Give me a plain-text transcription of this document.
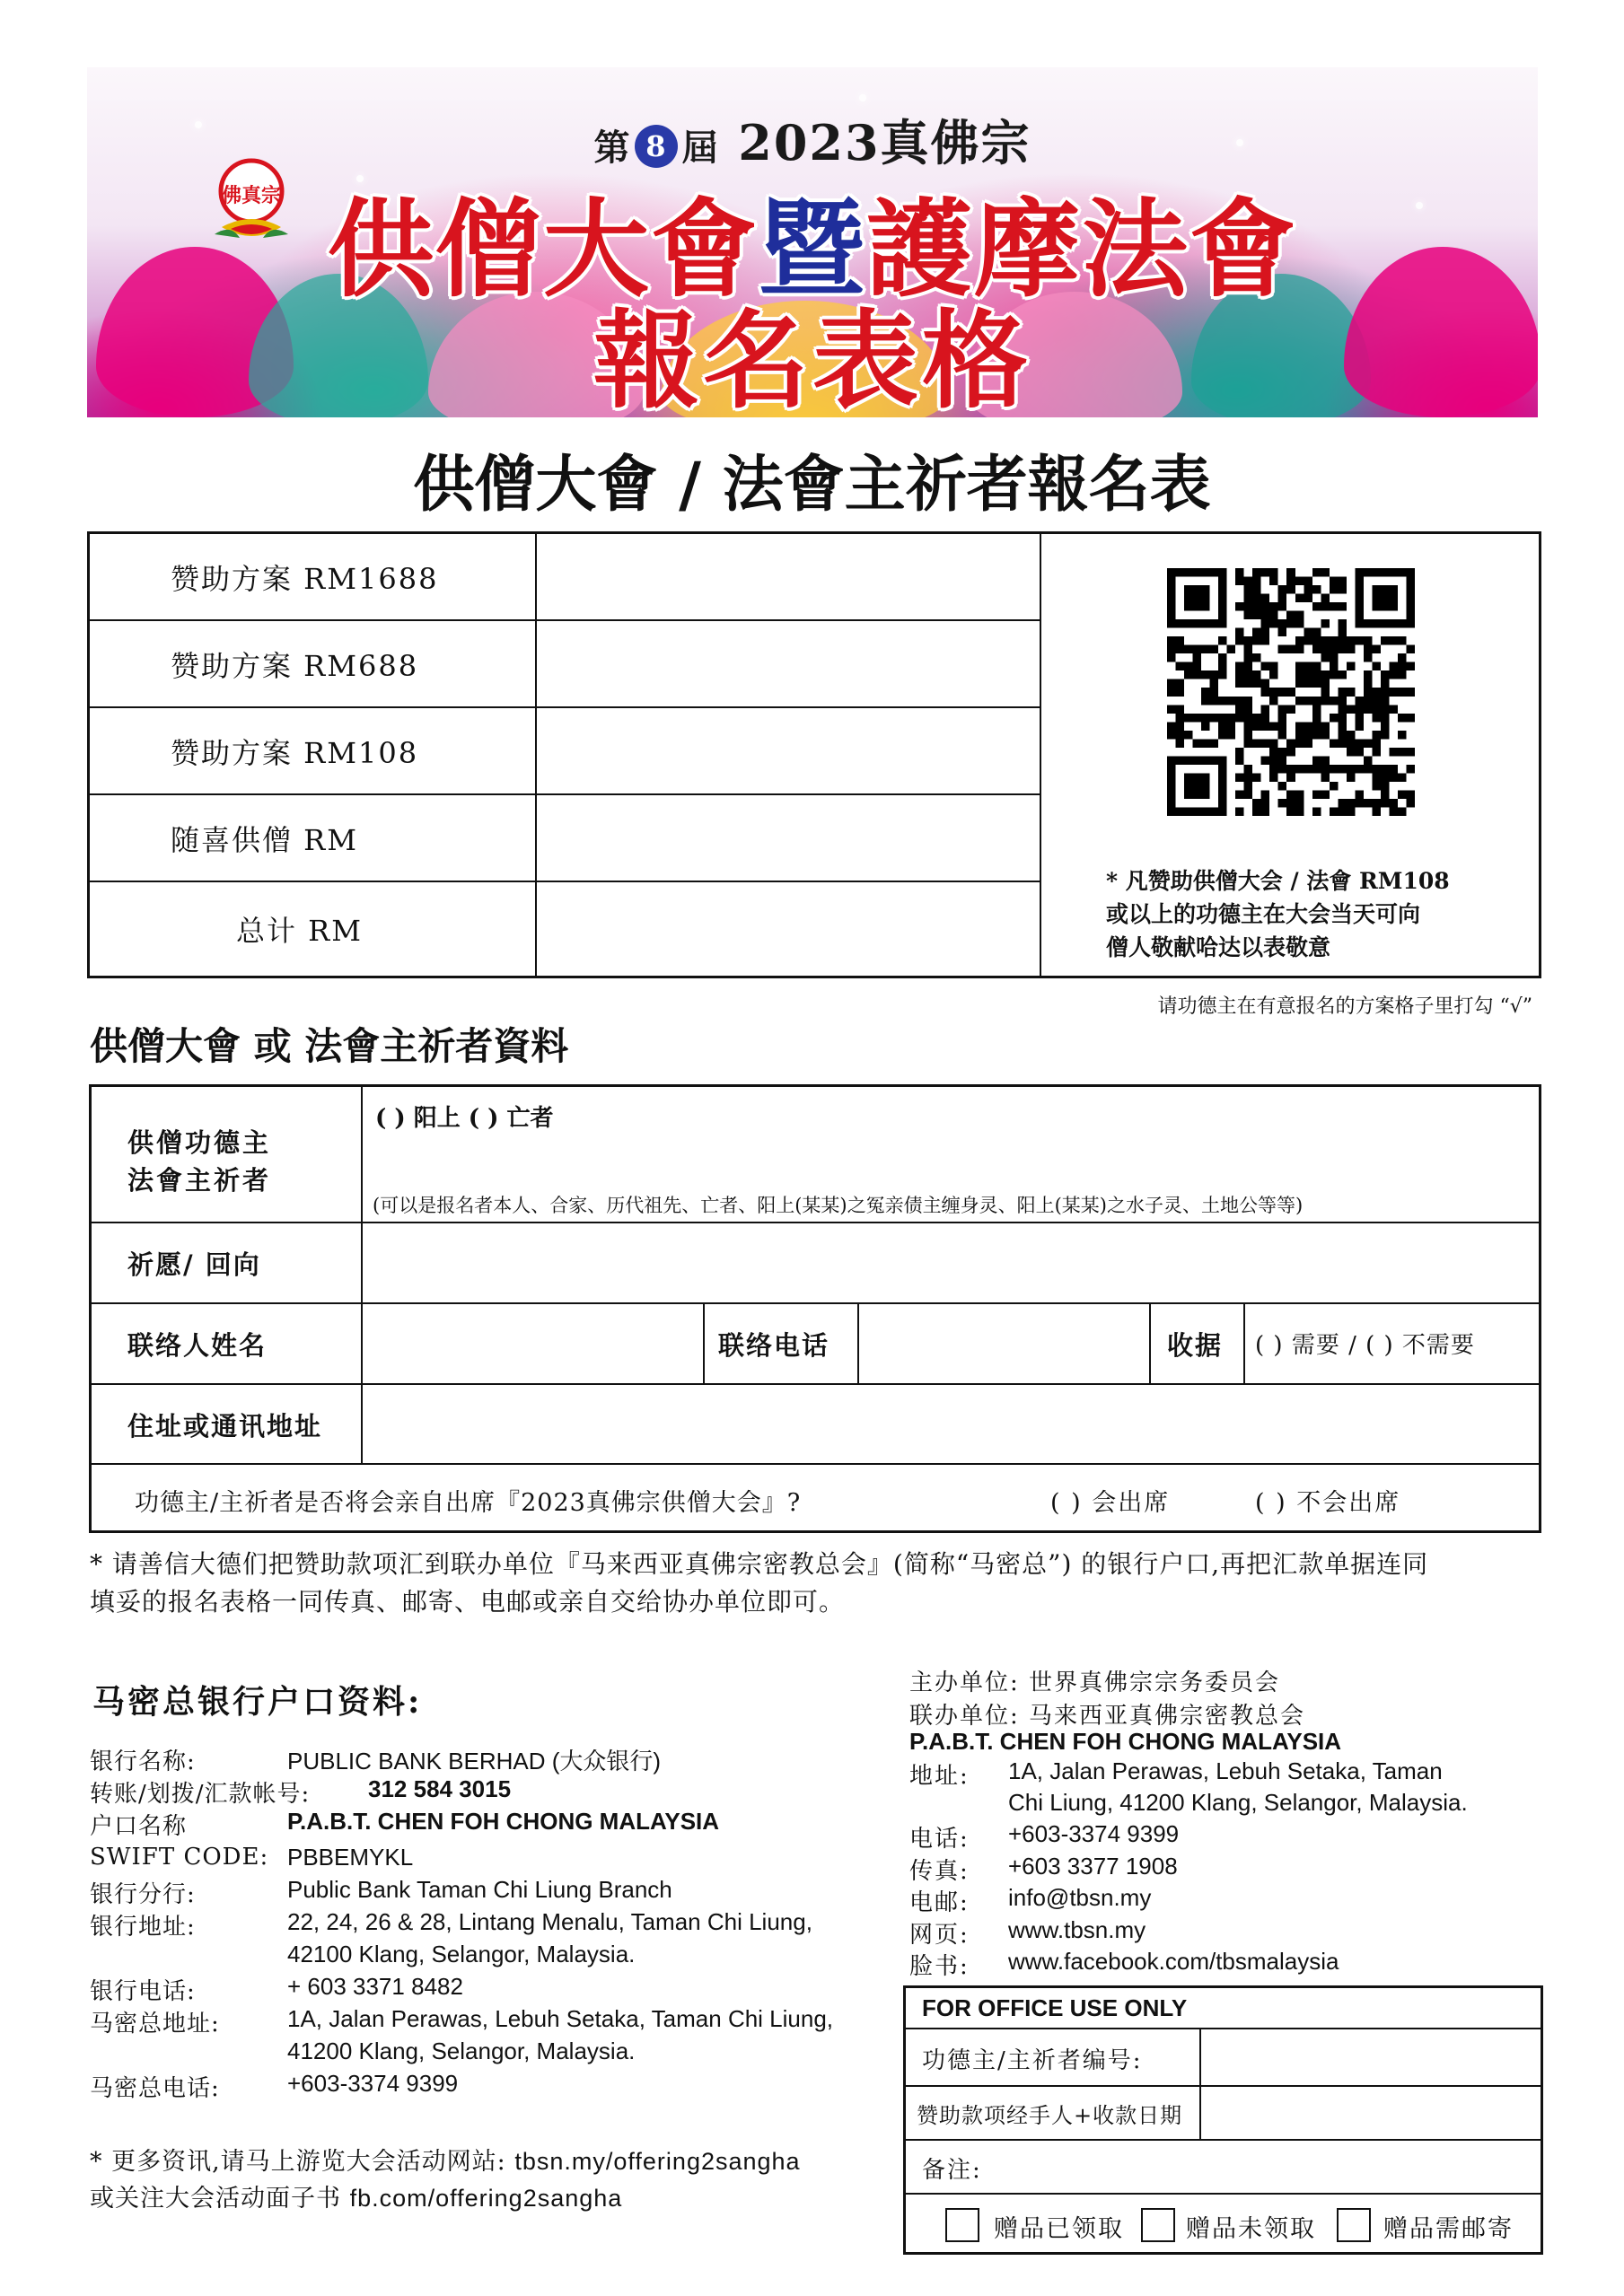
佛真宗
第 8 屆 2023真佛宗
供僧大會暨護摩法會
報名表格
供僧大會 / 法會主祈者報名表
赞助方案 RM1688
赞助方案 RM688
赞助方案 RM108
随喜供僧 RM
总计 RM
* 凡赞助供僧大会 / 法會 RM108
或以上的功德主在大会当天可向
僧人敬献哈达以表敬意
请功德主在有意报名的方案格子里打勾 “√”
供僧大會 或 法會主祈者資料
供僧功德主
法會主祈者
( ) 阳上 ( ) 亡者
(可以是报名者本人、合家、历代祖先、亡者、阳上(某某)之冤亲债主缠身灵、阳上(某某)之水子灵、土地公等等)
祈愿/ 回向
联络人姓名	联络电话	收据 ( ) 需要 / ( ) 不需要
住址或通讯地址
功德主/主祈者是否将会亲自出席『2023真佛宗供僧大会』?	( ) 会出席	( ) 不会出席
* 请善信大德们把赞助款项汇到联办单位『马来西亚真佛宗密教总会』(简称“马密总”) 的银行户口,再把汇款单据连同
填妥的报名表格一同传真、邮寄、电邮或亲自交给协办单位即可。
马密总银行户口资料:
银行名称:	PUBLIC BANK BERHAD (大众银行)
转账/划拨/汇款帐号: 312 584 3015
户口名称	P.A.B.T. CHEN FOH CHONG MALAYSIA
SWIFT CODE: PBBEMYKL
银行分行:	Public Bank Taman Chi Liung Branch
银行地址:	22, 24, 26 & 28, Lintang Menalu, Taman Chi Liung,
42100 Klang, Selangor, Malaysia.
银行电话:	+ 603 3371 8482
马密总地址:	1A, Jalan Perawas, Lebuh Setaka, Taman Chi Liung,
41200 Klang, Selangor, Malaysia.
马密总电话:	+603-3374 9399
* 更多资讯,请马上游览大会活动网站: tbsn.my/offering2sangha
或关注大会活动面子书 fb.com/offering2sangha
主办单位: 世界真佛宗宗务委员会
联办单位: 马来西亚真佛宗密教总会
P.A.B.T. CHEN FOH CHONG MALAYSIA
地址: 1A, Jalan Perawas, Lebuh Setaka, Taman
Chi Liung, 41200 Klang, Selangor, Malaysia.
电话: +603-3374 9399
传真: +603 3377 1908
电邮: info@tbsn.my
网页: www.tbsn.my
脸书: www.facebook.com/tbsmalaysia
FOR OFFICE USE ONLY
功德主/主祈者编号:
赞助款项经手人+收款日期
备注:
赠品已领取	赠品未领取	赠品需邮寄
